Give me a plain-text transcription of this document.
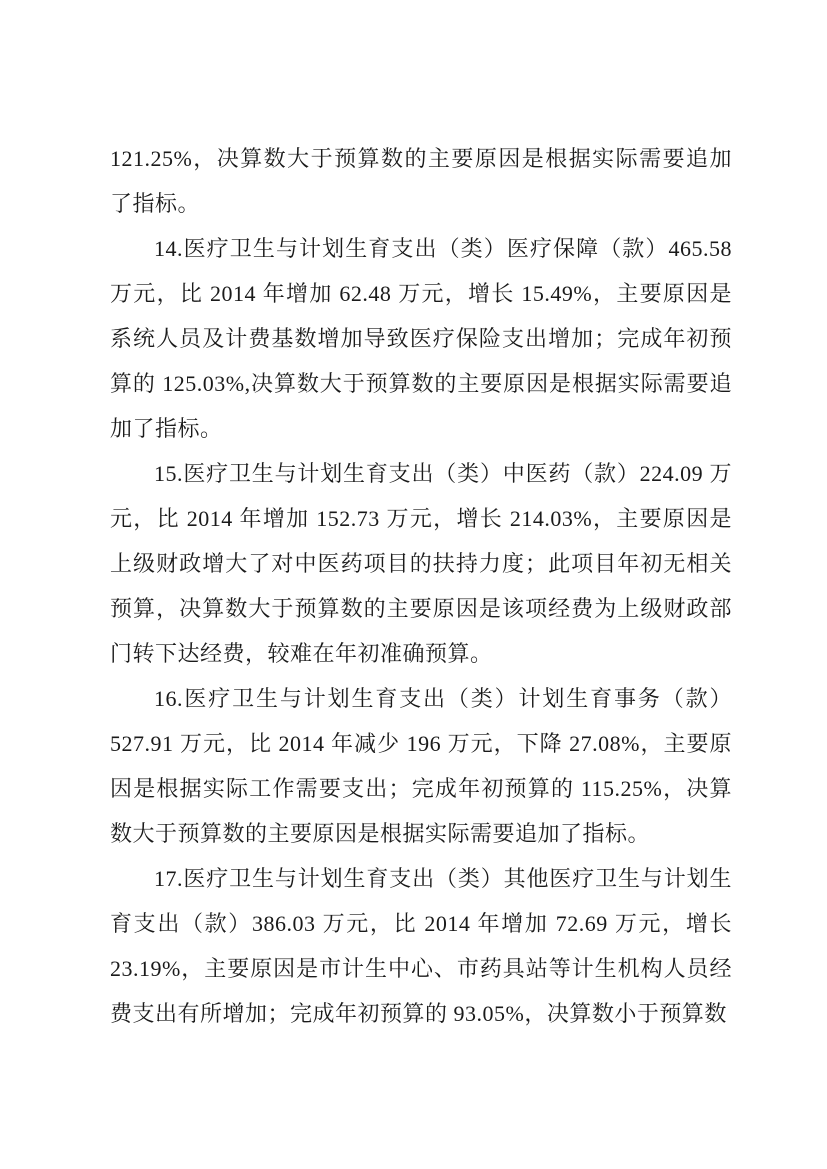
121.25%，决算数大于预算数的主要原因是根据实际需要追加了指标。

14.医疗卫生与计划生育支出（类）医疗保障（款）465.58 万元，比 2014 年增加 62.48 万元，增长 15.49%，主要原因是系统人员及计费基数增加导致医疗保险支出增加；完成年初预算的 125.03%,决算数大于预算数的主要原因是根据实际需要追加了指标。

15.医疗卫生与计划生育支出（类）中医药（款）224.09 万元，比 2014 年增加 152.73 万元，增长 214.03%，主要原因是上级财政增大了对中医药项目的扶持力度；此项目年初无相关预算，决算数大于预算数的主要原因是该项经费为上级财政部门转下达经费，较难在年初准确预算。

16.医疗卫生与计划生育支出（类）计划生育事务（款）527.91 万元，比 2014 年减少 196 万元，下降 27.08%，主要原因是根据实际工作需要支出；完成年初预算的 115.25%，决算数大于预算数的主要原因是根据实际需要追加了指标。

17.医疗卫生与计划生育支出（类）其他医疗卫生与计划生育支出（款）386.03 万元，比 2014 年增加 72.69 万元，增长 23.19%，主要原因是市计生中心、市药具站等计生机构人员经费支出有所增加；完成年初预算的 93.05%，决算数小于预算数
